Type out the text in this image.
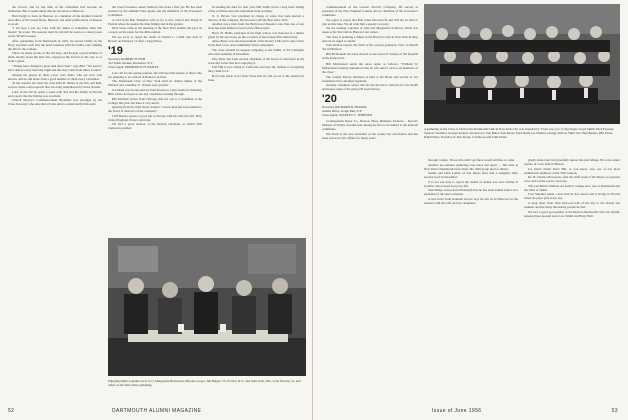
the Tavern, and by the time of his retirement had become an institution. But it seems likely that his devotion to Hanover...

Bud Sturgis is back in Hanover as a member of the Alumni Council and editor of the Green Book, Hanover and other publications of interest to us all.

"I am sure I was too busy with my duties to remember what that meant," he wrote. The seasons went by and still he went on a dozen years as the Tavern's keeper.

After graduating from Dartmouth in 1919, he served briefly in the Navy and then went into the hotel business with his father, later running the inn for the College.

There are many stories of the old days, and he kept a good number of them, mostly about the men who stopped at the Tavern on the way to or from a game.

"Things have changed a great deal since then," says Bud. "We used to have dances every Saturday night and the boys came from miles around."

Among the guests in those years were many who are now well known, and he still hears from a good number of them every Christmas.

At the reunion last June the class held its dinner at the Inn, and Bud, as host, made a short speech that was long remembered by those present.

Later in the fall he spent a week with Ted and his family in Florida and reports that the fishing was excellent.

Church Mowry's Commencement Breakfast was arranged by the Class Secretary who asks that all who plan to attend notify him early.

the Class Treasurer, Ansel Sanborn, has done a fine job. He has been assisted by the Alumni Fund agents and the members of the Executive Committee.

A card from Bob Hodgdon tells us he is now retired and living in Florida where he spends his time fishing and in the garden.

Dick Sears came to the meeting of the New York alumni and gave us a report on the plans for the 40th reunion.

We are sorry to report the death of Charles L. Cahill who died in Boston on February 12 after a long illness.

'19
Secretary, ROBERT H. FISH
312 North Avenue, Rochester, N.Y.
Class Agent, FREDERICK H. BAILEY

Last call for the spring reunion. We still need the names of those who are planning to be with us in Hanover in June.

The Dartmouth Club of New York held its annual dinner at the Waldorf and a number of '19 men were present.

Joe Dunn says he has moved from Boston to a new home in Wellesley Hills where he hopes to see any classmates passing through.

Bill Kimball writes from Chicago that his son is a freshman at the College this year and likes it very much.

Quoting from the Wall Street Journal: "A new man has been named to the board of directors of the company."

Cliff Barnes reports a good trip to Europe with his wife last fall. They visited England, France and Italy.

We had a good turnout at the Boston luncheon, at which Don Cameron presided.

In sending his dues for next year, Bill Smith wrote a long letter telling of his activities since his retirement from teaching.

N. C. Bryan, vice president in charge of sales, has been elected a director of the company. He has been with the firm since 1925.

Another news item from the Hollywood Reporter says that one of our class has been named to head a new film project.

Harry H. Hollis, principal of the high school, was honored at a dinner given by his associates on the occasion of his twenty-fifth anniversary.

Amos Boice was elected president of the Rotary Club and is also active in the Red Cross and Community Chest campaigns.

The class extends its deepest sympathy to the family of Ed Gallagher who died suddenly in December.

Pete Shaw has been elected chairman of the board of education in his town and writes that he is enjoying it.

Earl Hill is now living in California and says the climate is everything they claim for it.

Bob Lusk sends word from Texas that he will see us at the reunion in June.

Enjoying dinner together are (l to r): Marguerite Brunswick, Brooks Cooper, Jim Burges '19 of Utica, N.Y., and John Scott, Mrs. Leon Stevens, Jr., and others at the mid-winter gathering.
52	DARTMOUTH ALUMNI MAGAZINE

commencement of the Greater Electric Company. He served as president of the New England Council and as chairman of the Governor's committee.

We regret to report that Bob Jones has been ill and will not be able to join us this June. We all wish him a speedy recovery.

We are sending a picture of John and Marguerite Pomeroy which was taken at the Ski Club in Hanover last winter.

The class is planning a dinner at the Harvard Club in New York in May and all are urged to attend.

Tom Denton reports the birth of his second grandson, born on March 3rd in Hartford.

Bill McDonnell has been elected to the board of trustees of the hospital in his home town.

Bill McDonnell sends the news again as follows: "William W. McDonnell formerly announced that he will send a card to all members of the class."

The weekly Rotary luncheon is held at the Hotel and several of our classmates have attended regularly.

Another classmate writes that he has moved to Arizona for his health and hopes some of the gang will look him up.

'20
Secretary, RICHARD H. FRASER
Adams Drive, Lodge Run, N.Y.
Class Agent, STANLEY C. JEPPESEN

Cosmopolitan Paper Co., Boston, Mass. Business Features – Special: Morgan of Trinity, Sweden was among the first to be named to the national committee.

Jim Pettit is the new president of the county bar association and has been active in civic affairs for many years.

A gathering of the Class of 1920 at the Dartmouth Club in New York City was attended by: Front row (l to r): Sig Sigler, Lloyd Smith, Dick Pearson, Spencer Stoddard, George Sackett, Second row: Pop Baird, Ken Davis, Nord Nash, Let Willard, George Wilson, Third row: Ben Barnes, Phil Watts, Ralph Shaw, Fourth row: Roy Kreps, Carl Rowe and John Tuttle.

through college. Those who didn't get there would still like to come.

Another pre-reunion gathering took place last April — this time at New York's Dartmouth Club where the 1920 group met for dinner.

Jeanne and Dick Larkin of San Diego have had a daughter, their second, born in December.

It is our sad duty to report the deaths of Arthur Lee and Charles P. Gardner who passed away last fall.

Sam Phelps writes from Pittsburgh that he has been named senior vice president of the steel company.

A nice letter from Kenneth Glover says he will be in Hanover for the reunion with his wife and two daughters.

gladly attend and will gratefully spread the glad tidings. He is the senior partner of a law firm in Boston.

Joe Dart's North Pole! Bill, as you know, was one of our most enthusiastic members at the 35th reunion.

Dr. H. Charles McGowan, after the sixth week of his illness, is reported to be well on the road to recovery.

The Larchmont children are both in college now, one at Dartmouth and the other at Smith.

Fred Smolker sends a note that he has retired and is living in Florida where he plays golf every day.

A long letter from John McLeod tells of his trip to the Orient last summer and the many interesting people he met.

We had a good get-together at the Boston Dartmouth Club last month. Among those present were Lew Smith and Harry Ball.

Issue of June 1956	53
